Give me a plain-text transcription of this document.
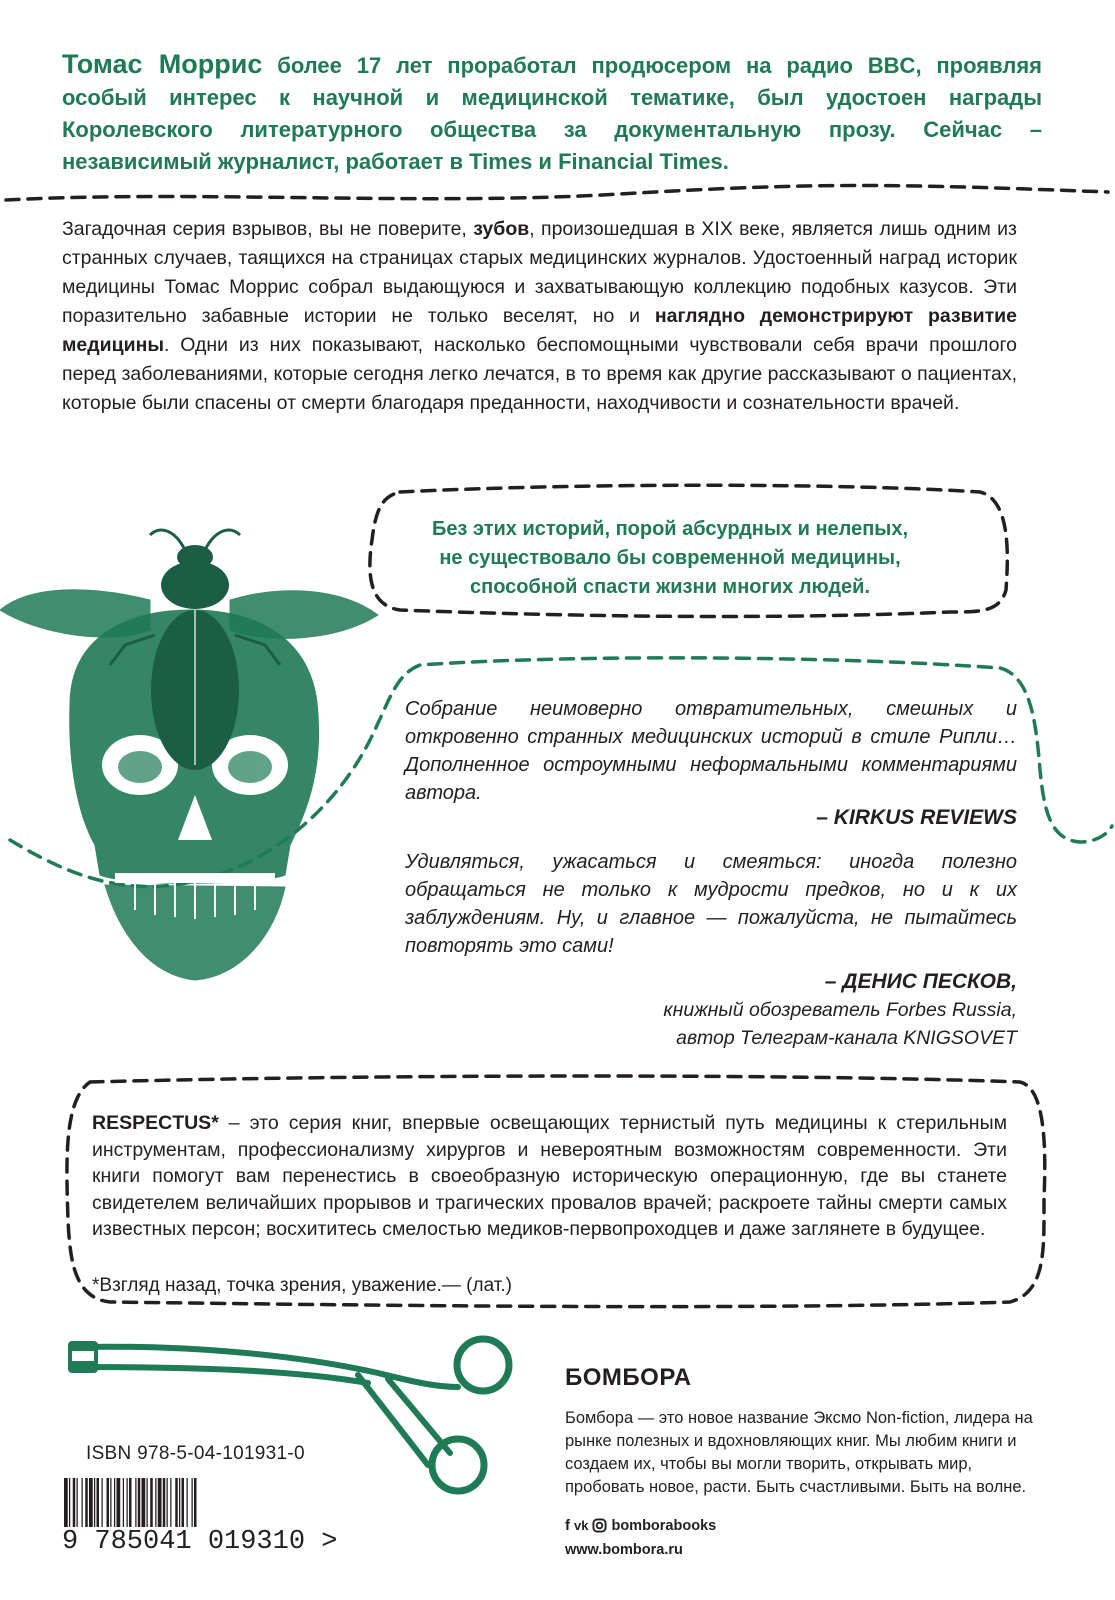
Томас Моррис более 17 лет проработал продюсером на радио BBC, проявляя особый интерес к научной и медицинской тематике, был удостоен награды Королевского литературного общества за документальную прозу. Сейчас – независимый журналист, работает в Times и Financial Times.
Загадочная серия взрывов, вы не поверите, зубов, произошедшая в XIX веке, является лишь одним из странных случаев, таящихся на страницах старых медицинских журналов. Удостоенный наград историк медицины Томас Моррис собрал выдающуюся и захватывающую коллекцию подобных казусов. Эти поразительно забавные истории не только веселят, но и наглядно демонстрируют развитие медицины. Одни из них показывают, насколько беспомощными чувствовали себя врачи прошлого перед заболеваниями, которые сегодня легко лечатся, в то время как другие рассказывают о пациентах, которые были спасены от смерти благодаря преданности, находчивости и сознательности врачей.
Без этих историй, порой абсурдных и нелепых,
не существовало бы современной медицины,
способной спасти жизни многих людей.
Собрание неимоверно отвратительных, смешных и откровенно странных медицинских историй в стиле Рипли… Дополненное остроумными неформальными комментариями автора.
– KIRKUS REVIEWS
Удивляться, ужасаться и смеяться: иногда полезно обращаться не только к мудрости предков, но и к их заблуждениям. Ну, и главное — пожалуйста, не пытайтесь повторять это сами!
– ДЕНИС ПЕСКОВ,
книжный обозреватель Forbes Russia,
автор Телеграм-канала KNIGSOVET
RESPECTUS* – это серия книг, впервые освещающих тернистый путь медицины к стерильным инструментам, профессионализму хирургов и невероятным возможностям современности. Эти книги помогут вам перенестись в своеобразную историческую операционную, где вы станете свидетелем величайших прорывов и трагических провалов врачей; раскроете тайны смерти самых известных персон; восхититесь смелостью медиков-первопроходцев и даже заглянете в будущее.
*Взгляд назад, точка зрения, уважение.— (лат.)
БОМБОРА
Бомбора — это новое название Эксмо Non-fiction, лидера на рынке полезных и вдохновляющих книг. Мы любим книги и создаем их, чтобы вы могли творить, открывать мир, пробовать новое, расти. Быть счастливыми. Быть на волне.
f vk bomborabooks
www.bombora.ru
ISBN 978-5-04-101931-0
9 785041 019310 >
